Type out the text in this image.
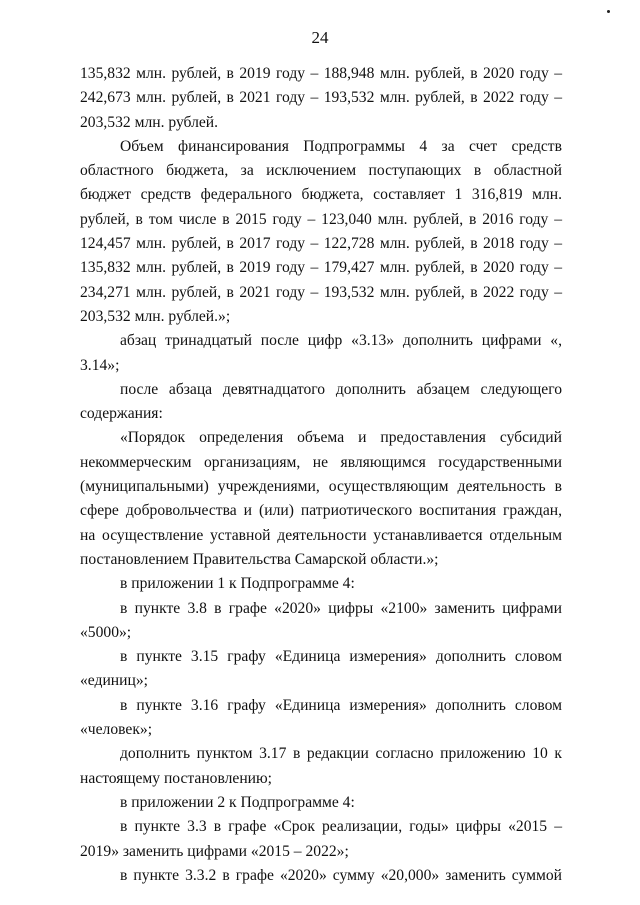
24

135,832 млн. рублей, в 2019 году – 188,948 млн. рублей, в 2020 году – 242,673 млн. рублей, в 2021 году – 193,532 млн. рублей, в 2022 году – 203,532 млн. рублей.

Объем финансирования Подпрограммы 4 за счет средств областного бюджета, за исключением поступающих в областной бюджет средств федерального бюджета, составляет 1 316,819 млн. рублей, в том числе в 2015 году – 123,040 млн. рублей, в 2016 году – 124,457 млн. рублей, в 2017 году – 122,728 млн. рублей, в 2018 году – 135,832 млн. рублей, в 2019 году – 179,427 млн. рублей, в 2020 году – 234,271 млн. рублей, в 2021 году – 193,532 млн. рублей, в 2022 году – 203,532 млн. рублей.»;

абзац тринадцатый после цифр «3.13» дополнить цифрами «, 3.14»;

после абзаца девятнадцатого дополнить абзацем следующего содержания:

«Порядок определения объема и предоставления субсидий некоммерческим организациям, не являющимся государственными (муниципальными) учреждениями, осуществляющим деятельность в сфере добровольчества и (или) патриотического воспитания граждан, на осуществление уставной деятельности устанавливается отдельным постановлением Правительства Самарской области.»;

в приложении 1 к Подпрограмме 4:

в пункте 3.8 в графе «2020» цифры «2100» заменить цифрами «5000»;

в пункте 3.15 графу «Единица измерения» дополнить словом «единиц»;

в пункте 3.16 графу «Единица измерения» дополнить словом «человек»;

дополнить пунктом 3.17 в редакции согласно приложению 10 к настоящему постановлению;

в приложении 2 к Подпрограмме 4:

в пункте 3.3 в графе «Срок реализации, годы» цифры «2015 – 2019» заменить цифрами «2015 – 2022»;

в пункте 3.3.2 в графе «2020» сумму «20,000» заменить суммой
